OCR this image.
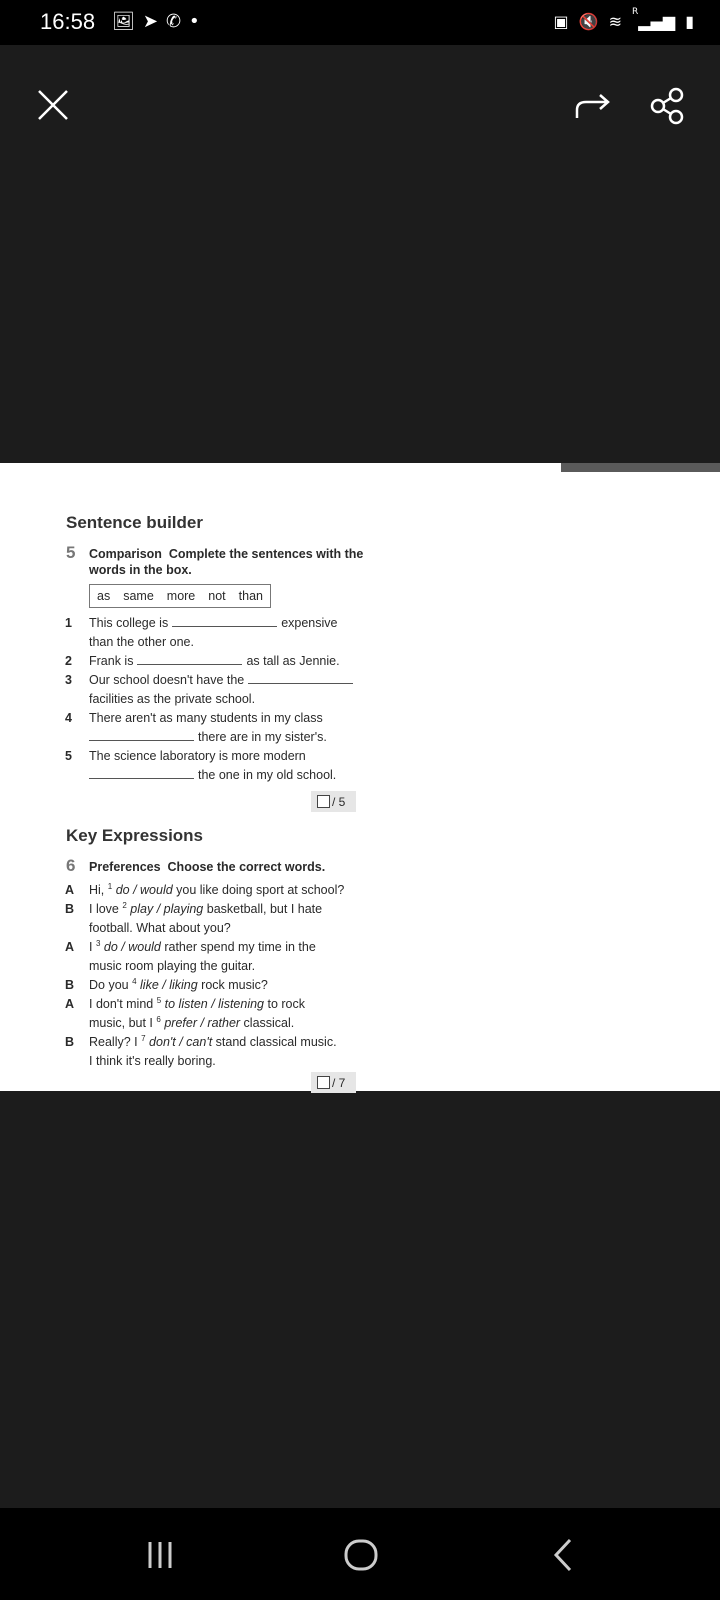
16:58 🖼 ➤ ✆ •	▣ 🔇 ≋ $^R$▂▄▆ ▮
Sentence builder
5	Comparison Complete the sentences with the
words in the box.
as same more not than
1	This college is	expensive
than the other one.
2	Frank is	as tall as Jennie.
3	Our school doesn't have the
facilities as the private school.
4	There aren't as many students in my class
there are in my sister's.
5	The science laboratory is more modern
the one in my old school.
/ 5
Key Expressions
6	Preferences Choose the correct words.
A	Hi, $^1$ do / would you like doing sport at school?
B	I love $^2$ play / playing basketball, but I hate
football. What about you?
A	I $^3$ do / would rather spend my time in the
music room playing the guitar.
B	Do you $^4$ like / liking rock music?
A	I don't mind $^5$ to listen / listening to rock
music, but I $^6$ prefer / rather classical.
B	Really? I $^7$ don't / can't stand classical music.
I think it's really boring.
/ 7
